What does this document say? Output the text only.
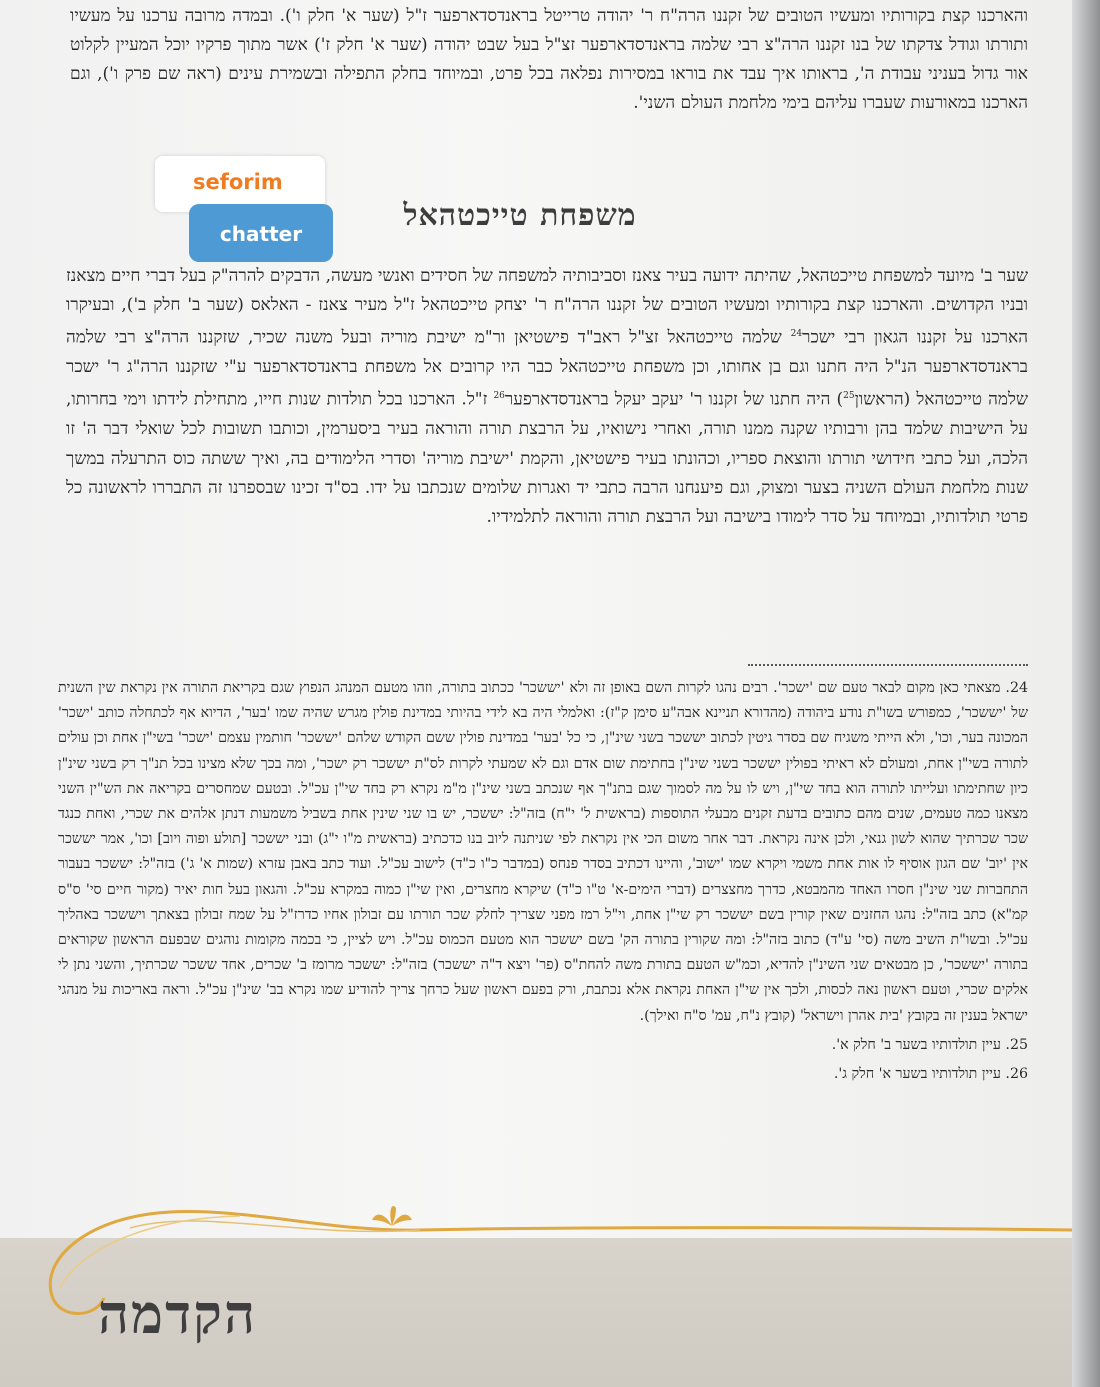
והארכנו קצת בקורותיו ומעשיו הטובים של זקננו הרה"ח ר' יהודה טרייטל בראנדסדארפער ז"ל (שער א' חלק ו'). ובמדה מרובה ערכנו על מעשיו ותורתו וגודל צדקתו של בנו זקננו הרה"צ רבי שלמה בראנדסדארפער זצ"ל בעל שבט יהודה (שער א' חלק ז') אשר מתוך פרקיו יוכל המעיין לקלוט אור גדול בעניני עבודת ה', בראותו איך עבד את בוראו במסירות נפלאה בכל פרט, ובמיוחד בחלק התפילה ובשמירת עינים (ראה שם פרק ו'), וגם הארכנו במאורעות שעברו עליהם בימי מלחמת העולם השני'.
seforim
chatter
משפחת טייכטהאל
שער ב' מיועד למשפחת טייכטהאל, שהיתה ידועה בעיר צאנז וסביבותיה למשפחה של חסידים ואנשי מעשה, הדבקים להרה"ק בעל דברי חיים מצאנז ובניו הקדושים. והארכנו קצת בקורותיו ומעשיו הטובים של זקננו הרה"ח ר' יצחק טייכטהאל ז"ל מעיר צאנז - האלאס (שער ב' חלק ב'), ובעיקרו הארכנו על זקננו הגאון רבי ישכר$^{24}$ שלמה טייכטהאל זצ"ל ראב"ד פישטיאן ור"מ ישיבת מוריה ובעל משנה שכיר, שזקננו הרה"צ רבי שלמה בראנדסדארפער הנ"ל היה חתנו וגם בן אחותו, וכן משפחת טייכטהאל כבר היו קרובים אל משפחת בראנדסדארפער ע"י שזקננו הרה"ג ר' ישכר שלמה טייכטהאל (הראשון$^{25}$) היה חתנו של זקננו ר' יעקב יעקל בראנדסדארפער$^{26}$ ז"ל. הארכנו בכל תולדות שנות חייו, מתחילת לידתו וימי בחרותו, על הישיבות שלמד בהן ורבותיו שקנה ממנו תורה, ואחרי נישואיו, על הרבצת תורה והוראה בעיר ביסערמין, וכותבו תשובות לכל שואלי דבר ה' זו הלכה, ועל כתבי חידושי תורתו והוצאת ספריו, וכהונתו בעיר פישטיאן, והקמת 'ישיבת מוריה' וסדרי הלימודים בה, ואיך ששתה כוס התרעלה במשך שנות מלחמת העולם השניה בצער ומצוק, וגם פיענחנו הרבה כתבי יד ואגרות שלומים שנכתבו על ידו. בס"ד זכינו שבספרנו זה התבררו לראשונה כל פרטי תולדותיו, ובמיוחד על סדר לימודו בישיבה ועל הרבצת תורה והוראה לתלמידיו.

24. מצאתי כאן מקום לבאר טעם שם 'ישכר'. רבים נהגו לקרות השם באופן זה ולא 'יששכר' ככתוב בתורה, וזהו מטעם המנהג הנפוץ שגם בקריאת התורה אין נקראת שין השנית של 'יששכר', כמפורש בשו"ת נודע ביהודה (מהדורא תניינא אבה"ע סימן ק"ז): ואלמלי היה בא לידי בהיותי במדינת פולין מגרש שהיה שמו 'בער', הדיוא אף לכתחלה כותב 'ישכר' המכונה בער, וכו', ולא הייתי משגיח שם בסדר גיטין לכתוב יששכר בשני שינ"ן, כי כל 'בער' במדינת פולין ששם הקודש שלהם 'יששכר' חותמין עצמם 'ישכר' בשי"ן אחת וכן עולים לתורה בשי"ן אחת, ומעולם לא ראיתי בפולין יששכר בשני שינ"ן בחתימת שום אדם וגם לא שמעתי לקרות לס"ת יששכר רק ישכר', ומה בכך שלא מצינו בכל תנ"ך רק בשני שינ"ן כיון שחתימתו ועלייתו לתורה הוא בחד שי"ן, ויש לו על מה לסמוך שגם בתנ"ך אף שנכתב בשני שינ"ן מ"מ נקרא רק בחד שי"ן עכ"ל. ובטעם שמחסרים בקריאה את הש"ין השני מצאנו כמה טעמים, שנים מהם כתובים בדעת זקנים מבעלי התוספות (בראשית ל' י"ח) בזה"ל: יששכר, יש בו שני שינין אחת בשביל משמעות דנתן אלהים את שכרי, ואחת כנגד שכר שכרתיך שהוא לשון גנאי, ולכן אינה נקראת. דבר אחר משום הכי אין נקראת לפי שניתנה ליוב בנו כדכתיב (בראשית מ"ו י"ג) ובני יששכר [תולע ופוה ויוב] וכו', אמר יששכר אין 'יוב' שם הגון אוסיף לו אות אחת משמי ויקרא שמו 'ישוב', והיינו דכתיב בסדר פנחס (במדבר כ"ו כ"ד) לישוב עכ"ל. ועוד כתב באבן עזרא (שמות א' ג') בזה"ל: יששכר בעבור התחברות שני שינ"ן חסרו האחד מהמבטא, כדרך מחצצרים (דברי הימים-א' ט"ו כ"ד) שיקרא מחצרים, ואין שי"ן כמוה במקרא עכ"ל. והגאון בעל חות יאיר (מקור חיים סי' ס"ס קמ"א) כתב בזה"ל: נהגו החזנים שאין קורין בשם יששכר רק שי"ן אחת, וי"ל רמז מפני שצריך לחלק שכר תורתו עם זבולון אחיו כדרז"ל על שמח זבולון בצאתך ויששכר באהליך עכ"ל. ובשו"ת השיב משה (סי' ע"ד) כתוב בזה"ל: ומה שקורין בתורה הק' בשם יששכר הוא מטעם הכמוס עכ"ל. ויש לציין, כי בכמה מקומות נוהגים שבפעם הראשון שקוראים בתורה 'יששכר', כן מבטאים שני השינ"ן להדיא, וכמ"ש הטעם בתורת משה להחת"ס (פר' ויצא ד"ה יששכר) בזה"ל: יששכר מרומז ב' שכרים, אחד ששכר שכרתיך, והשני נתן לי אלקים שכרי, וטעם ראשון נאה לכסות, ולכך אין שי"ן האחת נקראת אלא נכתבת, ורק בפעם ראשון שעל כרחך צריך להודיע שמו נקרא בב' שינ"ן עכ"ל. וראה באריכות על מנהגי ישראל בענין זה בקובץ 'בית אהרן וישראל' (קובץ נ"ח, עמ' ס"ח ואילך).

25. עיין תולדותיו בשער ב' חלק א'.

26. עיין תולדותיו בשער א' חלק ג'.

הקדמה
